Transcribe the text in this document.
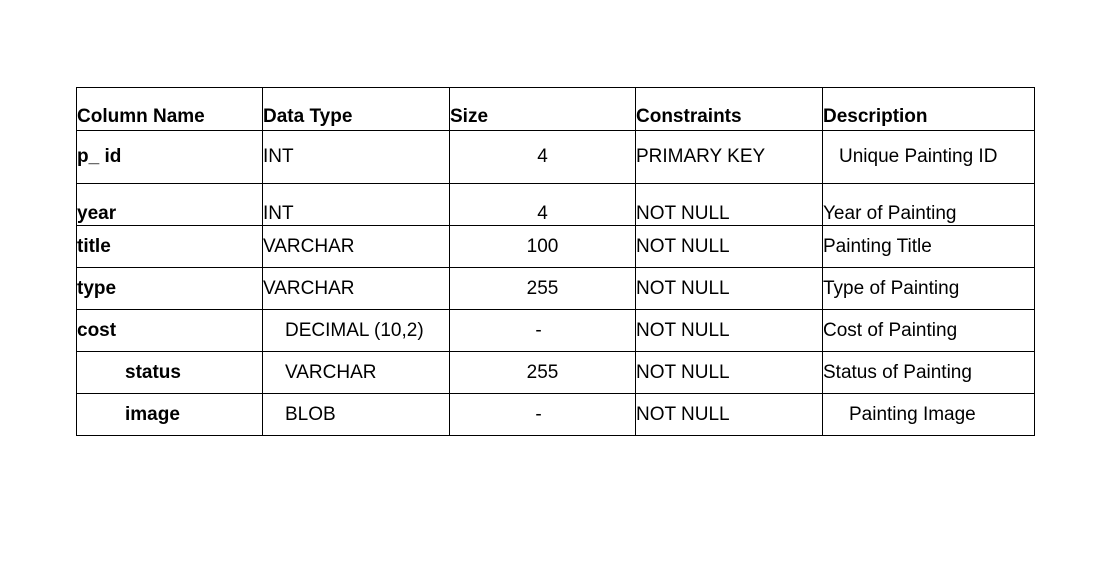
Column Name	Data Type	Size	Constraints	Description
p_ id	INT	4	PRIMARY KEY	Unique Painting ID
year	INT	4	NOT NULL	Year of Painting
title	VARCHAR	100	NOT NULL	Painting Title
type	VARCHAR	255	NOT NULL	Type of Painting
cost	DECIMAL (10,2)	-	NOT NULL	Cost of Painting
status	VARCHAR	255	NOT NULL	Status of Painting
image	BLOB	-	NOT NULL	Painting Image
